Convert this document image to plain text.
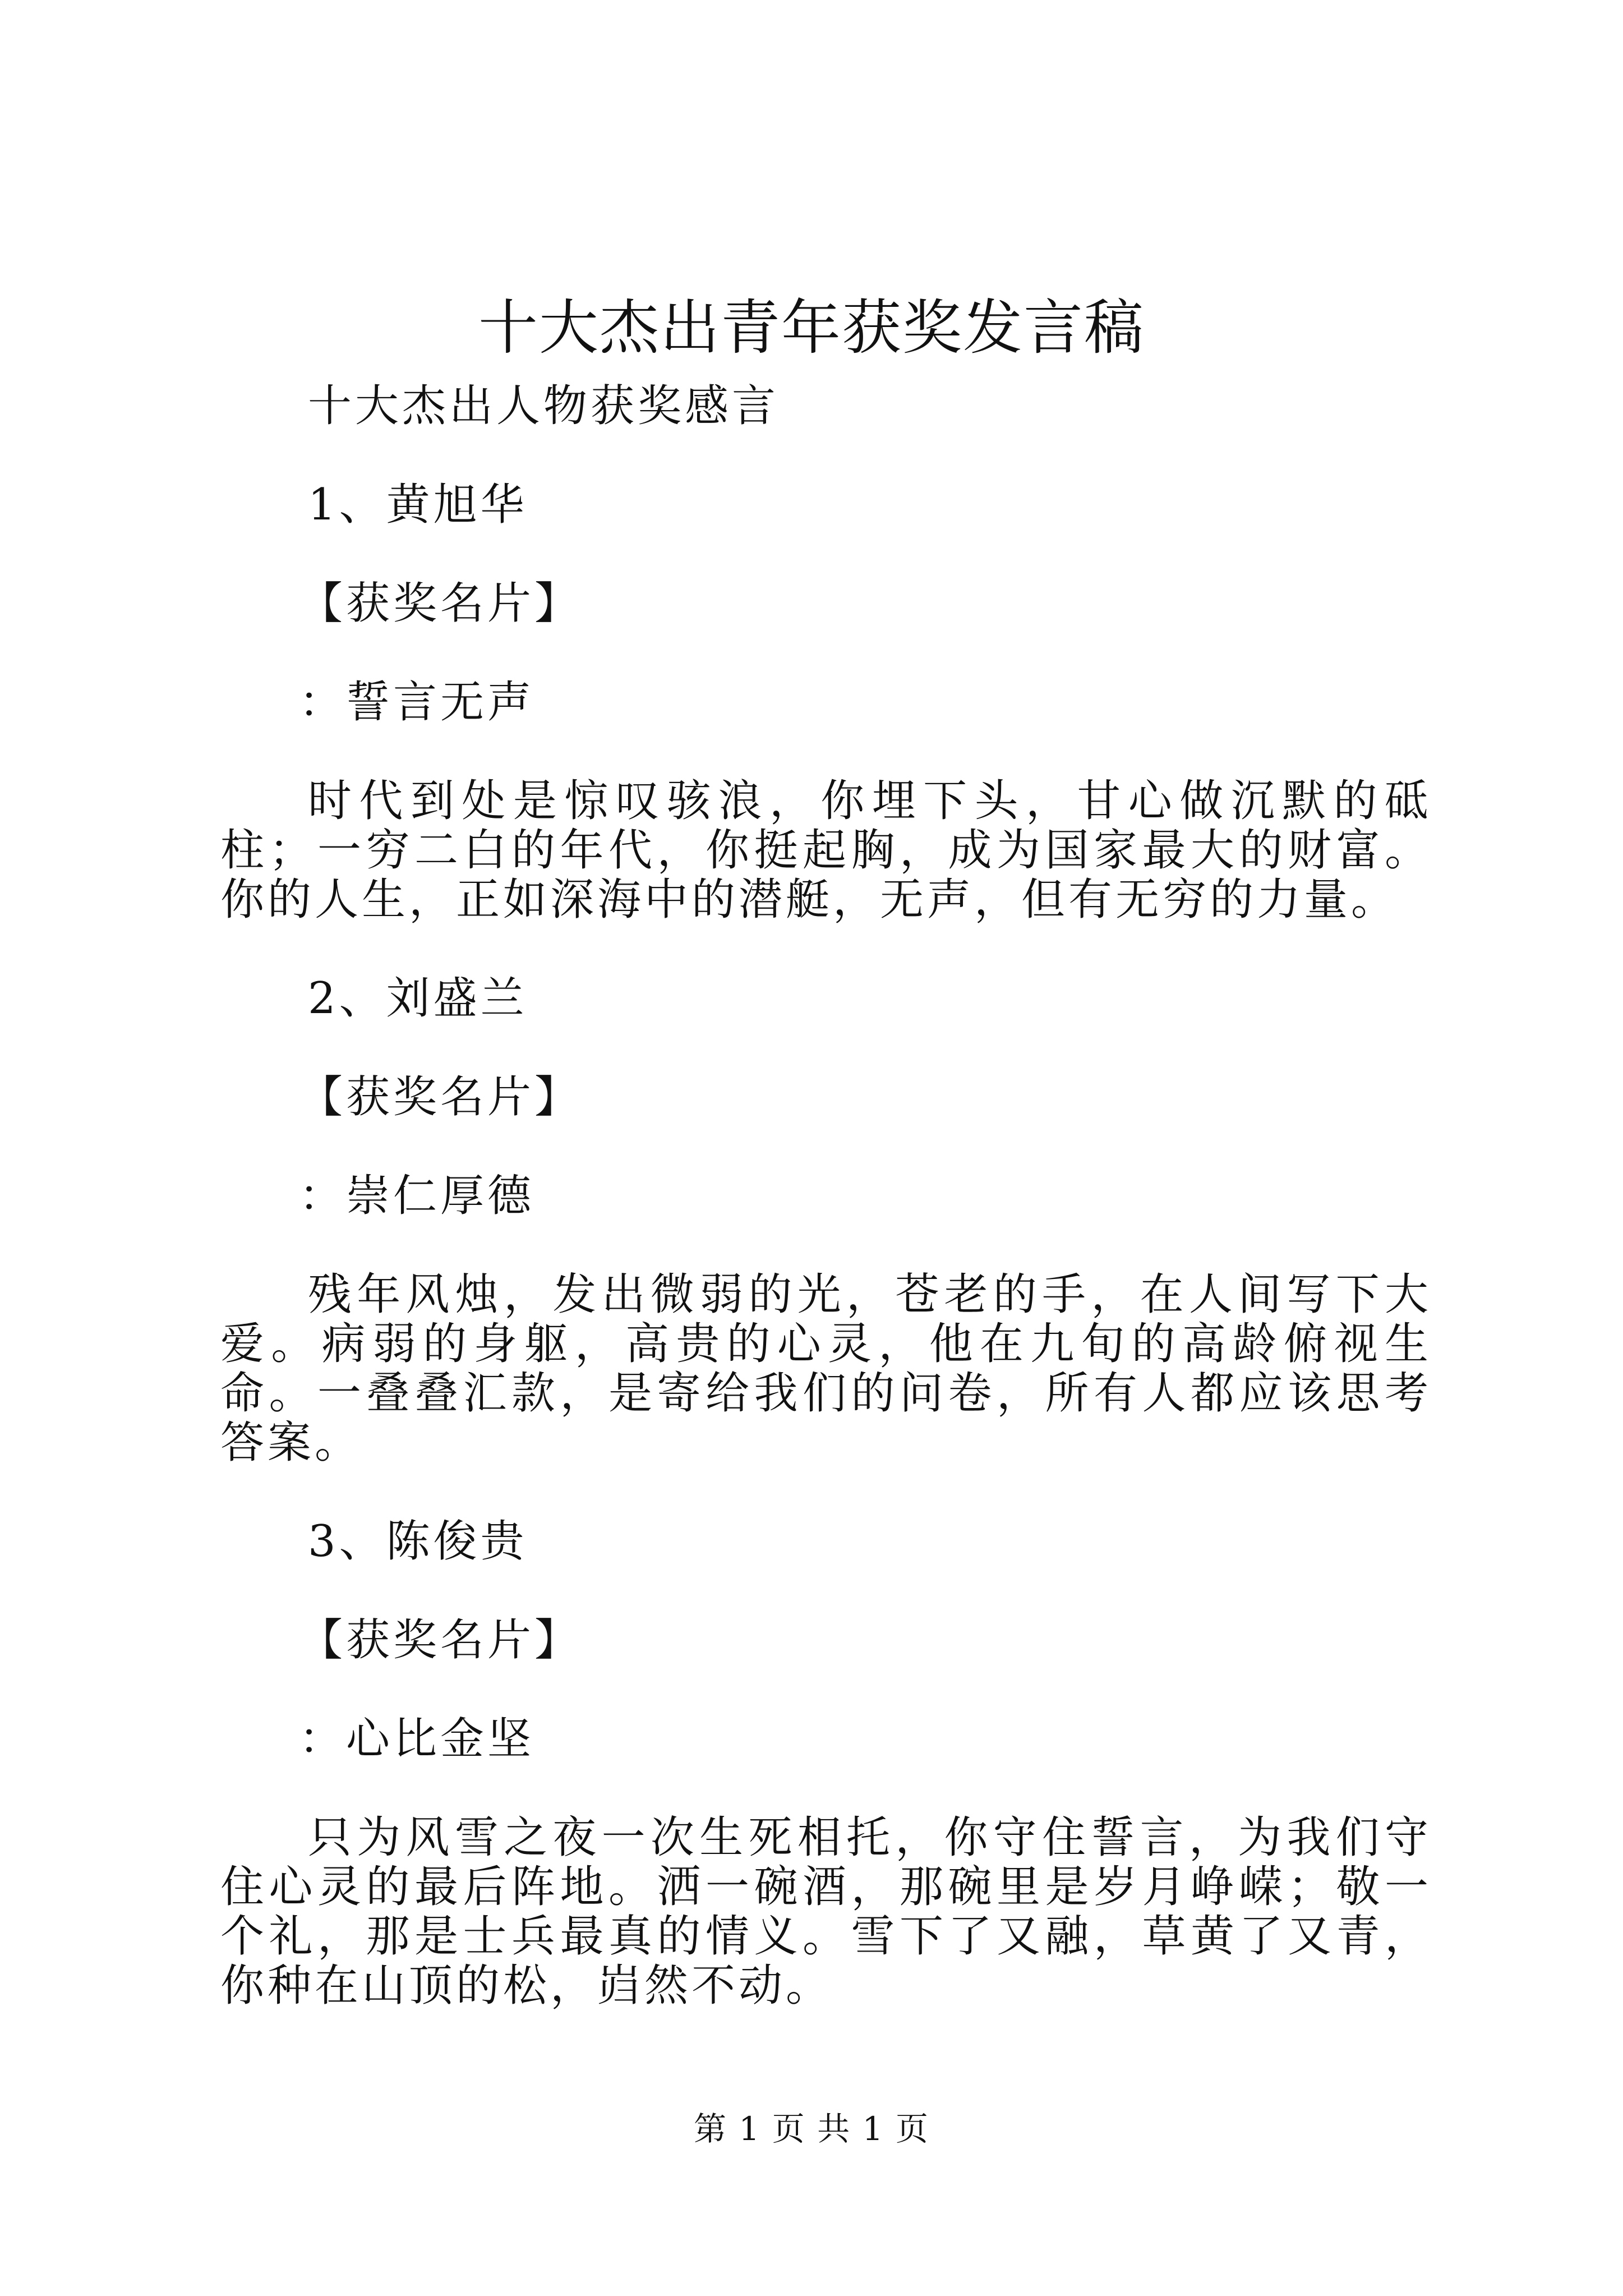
十大杰出青年获奖发言稿

十大杰出人物获奖感言

1、黄旭华

【获奖名片】

：誓言无声

时代到处是惊叹骇浪，你埋下头，甘心做沉默的砥柱；一穷二白的年代，你挺起胸，成为国家最大的财富。你的人生，正如深海中的潜艇，无声，但有无穷的力量。

2、刘盛兰

【获奖名片】

：崇仁厚德

残年风烛，发出微弱的光，苍老的手，在人间写下大爱。病弱的身躯，高贵的心灵，他在九旬的高龄俯视生命。一叠叠汇款，是寄给我们的问卷，所有人都应该思考答案。

3、陈俊贵

【获奖名片】

：心比金坚

只为风雪之夜一次生死相托，你守住誓言，为我们守住心灵的最后阵地。洒一碗酒，那碗里是岁月峥嵘；敬一个礼，那是士兵最真的情义。雪下了又融，草黄了又青，你种在山顶的松，岿然不动。

第 1 页 共 1 页
